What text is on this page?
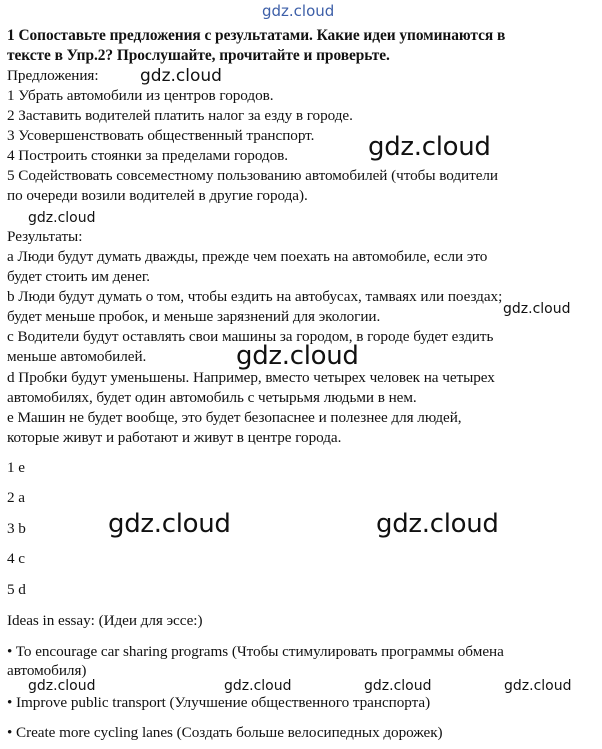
gdz.cloud
1 Сопоставьте предложения с результатами. Какие идеи упоминаются в
тексте в Упр.2? Прослушайте, прочитайте и проверьте.
Предложения:
1 Убрать автомобили из центров городов.
2 Заставить водителей платить налог за езду в городе.
3 Усовершенствовать общественный транспорт.
4 Построить стоянки за пределами городов.
5 Содействовать совсеместному пользованию автомобилей (чтобы водители
по очереди возили водителей в другие города).
Результаты:
a Люди будут думать дважды, прежде чем поехать на автомобиле, если это
будет стоить им денег.
b Люди будут думать о том, чтобы ездить на автобусах, тамваях или поездах;
будет меньше пробок, и меньше зарязнений для экологии.
с Водители будут оставлять свои машины за городом, в городе будет ездить
меньше автомобилей.
d Пробки будут уменьшены. Например, вместо четырех человек на четырех
автомобилях, будет один автомобиль с четырьмя людьми в нем.
е Машин не будет вообще, это будет безопаснее и полезнее для людей,
которые живут и работают и живут в центре города.
1 е
2 а
3 b
4 с
5 d
Ideas in essay: (Идеи для эссе:)
• To encourage car sharing programs (Чтобы стимулировать программы обмена
автомобиля)
• Improve public transport (Улучшение общественного транспорта)
• Create more cycling lanes (Создать больше велосипедных дорожек)
gdz.cloud
gdz.cloud
gdz.cloud
gdz.cloud
gdz.cloud
gdz.cloud	gdz.cloud
gdz.cloud	gdz.cloud	gdz.cloud	gdz.cloud
